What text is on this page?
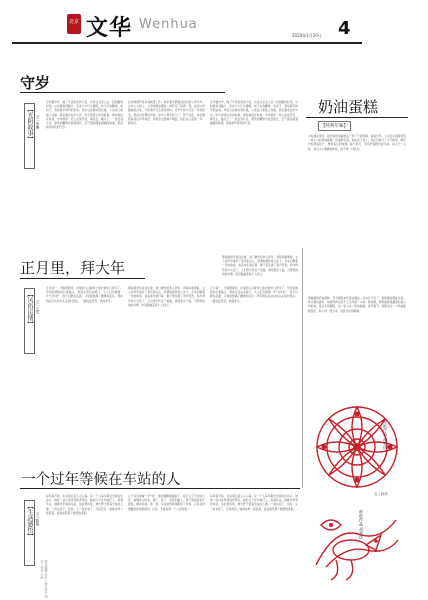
北京 文华 Wenhua
2020年1月20日 4
守岁
【光阴故事】 文 / 李鹏
过年要守岁，除了辛苦的家的习俗，也是让全家人在一起团聚的时刻。小时候每到除夕，家家户户灯火通明，孩子们放鞭炮、吃饺子，等待新年钟声的到来。母亲总在厨房里忙碌，父亲在门前贴上对联，我们围坐在炉火边，听长辈讲过去的故事。那时候没有电视，守岁就是一家人说说笑笑，剥花生、嗑瓜子，一直坐到半夜。窗外的鞭炮声此起彼伏，空气里弥漫着硝烟的味道，那是新年特有的气息。
后来我离开家乡到城里工作，每年春节都要赶回去陪父母守岁。火车上人挤人，心里却满是期待。推开家门的那一刻，看到父母鬓角的白发，才知道岁月走得这样快。守岁守的不只是一年的结束，更是对亲情的珍惜。如今父母年纪大了，熬不住夜，我们便陪着他们早早休息，等到零点的钟声响起，轻轻在心里说一声：新年好。
过年要守岁，除了辛苦的家的习俗，也是让全家人在一起团聚的时刻。小时候每到除夕，家家户户灯火通明，孩子们放鞭炮、吃饺子，等待新年钟声的到来。母亲总在厨房里忙碌，父亲在门前贴上对联，我们围坐在炉火边，听长辈讲过去的故事。那时候没有电视，守岁就是一家人说说笑笑，剥花生、嗑瓜子，一直坐到半夜。窗外的鞭炮声此起彼伏，空气里弥漫着硝烟的味道，那是新年特有的气息。
奶油蛋糕
【经典年味】
小时候家里穷，能吃到奶油蛋糕是一件了不起的事。每逢过年，父亲会从城里带回一块小小的奶油蛋糕，用油纸包着，放在柜子顶上。我们兄妹几个天天盼着，眼巴巴地望着柜子，想象着它的味道。除夕那天，母亲把蛋糕切成几块，每人分一小块，我们小心翼翼地捧着，舍不得一口吃完。
那甜甜的奶油香味，至今想起来还留在嘴边。后来日子好了，蛋糕随时都能买到，样式越来越多，味道却再也比不上当年那一小块。我知道，那份甜蜜里藏着的是父母的爱，是过年的期盼，是一家人在一起的温暖。每年春节，我都会买一个奶油蛋糕回家，和父母一起分享，说说当年的趣事。
文 / 孙庆
正月里，拜大年
【风俗民情】 文 / 王芳
正月初一，天刚蒙蒙亮，村里的人们就穿上新衣裳出门拜年了。先给家族里的长辈磕头，再到左邻右舍串门。大人们互相道一声"过年好"，孩子们跟在后面，口袋里装满了糖果和花生。拜年的队伍从村东头走到村西头，一路说说笑笑，热闹非凡。
那时候拜年讲究礼数，进门要先给老人拜年，再和同辈寒暄。主人家早早备好了茶水和点心，热情地招呼客人坐下。乡亲们聊着一年的收成，谈着来年的打算，屋子里充满了欢声笑语。如今拜年的方式变了，人们用手机发个祝福，视频里见个面，可那份浓浓的乡情，依旧温暖着每个人的心。
正月初一，天刚蒙蒙亮，村里的人们就穿上新衣裳出门拜年了。先给家族里的长辈磕头，再到左邻右舍串门。大人们互相道一声"过年好"，孩子们跟在后面，口袋里装满了糖果和花生。拜年的队伍从村东头走到村西头，一路说说笑笑，热闹非凡。
那时候拜年讲究礼数，进门要先给老人拜年，再和同辈寒暄。主人家早早备好了茶水和点心，热情地招呼客人坐下。乡亲们聊着一年的收成，谈着来年的打算，屋子里充满了欢声笑语。如今拜年的方式变了，人们用手机发个祝福，视频里见个面，可那份浓浓的乡情，依旧温暖着每个人的心。
一个过年等候在车站的人
【生活感悟】 文 / 陈明
每年春节前，车站里总是人山人海。有一个人每年都会出现在出站口，她是一位白发苍苍的老母亲。她的儿子在外地打工，每到年关，她就早早来到车站，站在寒风里，伸长脖子望着出站的人群。一班车到了，没有；又一班车到了，还是没有。她就这样一直等着，直到看见那个熟悉的身影。
儿子远远地喊一声"妈"，她的眼眶就湿润了。接过儿子手中的行李，她嘴里念叨着：瘦了，黑了。回家的路上，母子俩说着家长里短，脚步轻快。那一刻，车站里的喧闹都成了背景，只有这份团聚的喜悦最真切。过年，不就是等一个人回家吗？
每年春节前，车站里总是人山人海。有一个人每年都会出现在出站口，她是一位白发苍苍的老母亲。她的儿子在外地打工，每到年关，她就早早来到车站，站在寒风里，伸长脖子望着出站的人群。一班车到了，没有；又一班车到了，还是没有。她就这样一直等着，直到看见那个熟悉的身影。
剪纸作品 胡秀珍
剪纸作品 胡秀珍
责任编辑 张华 / 版式设计 刘洋 / 校对 王丽
